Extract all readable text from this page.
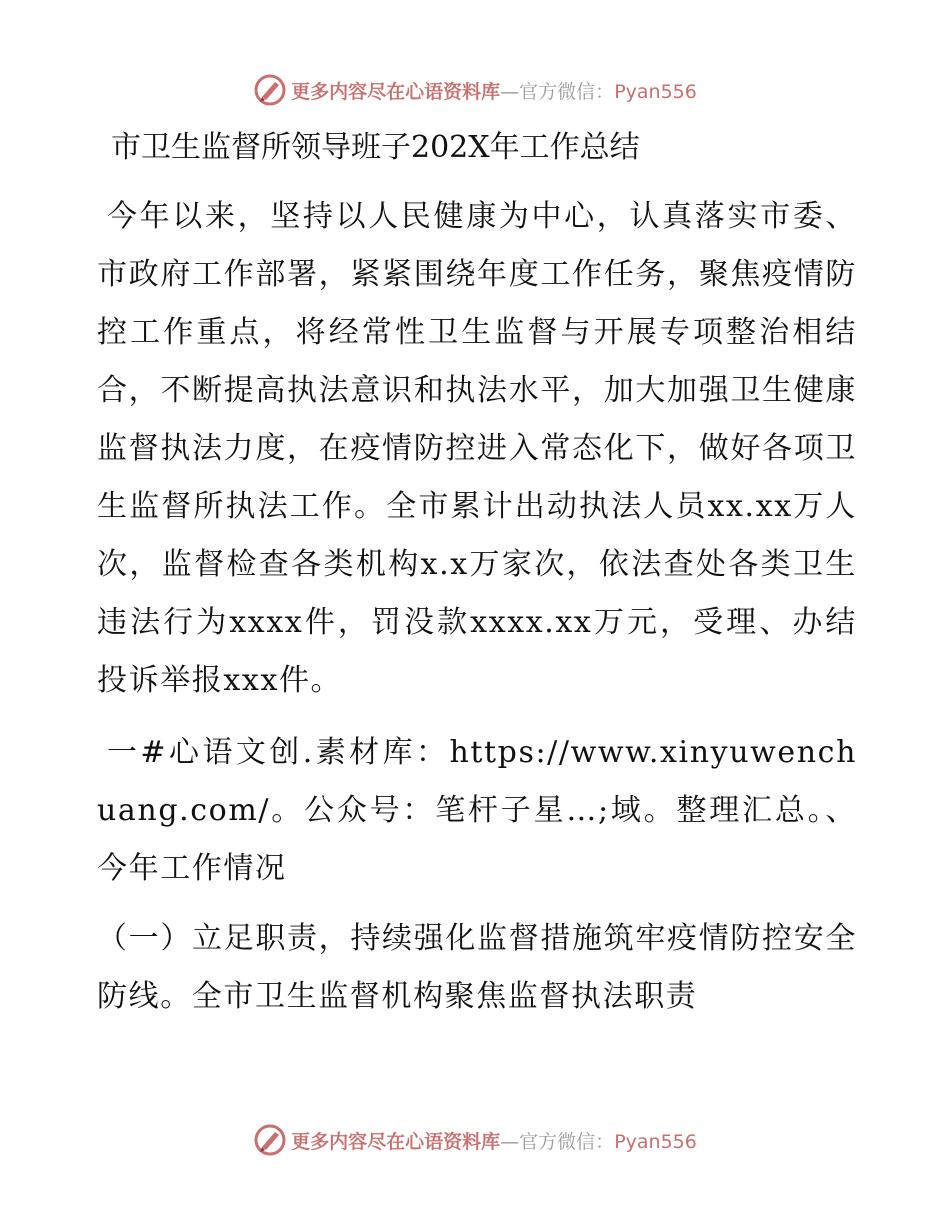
更多内容尽在心语资料库—官方微信：Pyan556
市卫生监督所领导班子202X年工作总结

今年以来，坚持以人民健康为中心，认真落实市委、市政府工作部署，紧紧围绕年度工作任务，聚焦疫情防控工作重点，将经常性卫生监督与开展专项整治相结合，不断提高执法意识和执法水平，加大加强卫生健康监督执法力度，在疫情防控进入常态化下，做好各项卫生监督所执法工作。全市累计出动执法人员xx.xx万人次，监督检查各类机构x.x万家次，依法查处各类卫生违法行为xxxx件，罚没款xxxx.xx万元，受理、办结投诉举报xxx件。

一#心语文创.素材库：https://www.xinyuwenchuang.com/。公众号：笔杆子星…;域。整理汇总。、今年工作情况

（一）立足职责，持续强化监督措施筑牢疫情防控安全防线。全市卫生监督机构聚焦监督执法职责

更多内容尽在心语资料库—官方微信：Pyan556
